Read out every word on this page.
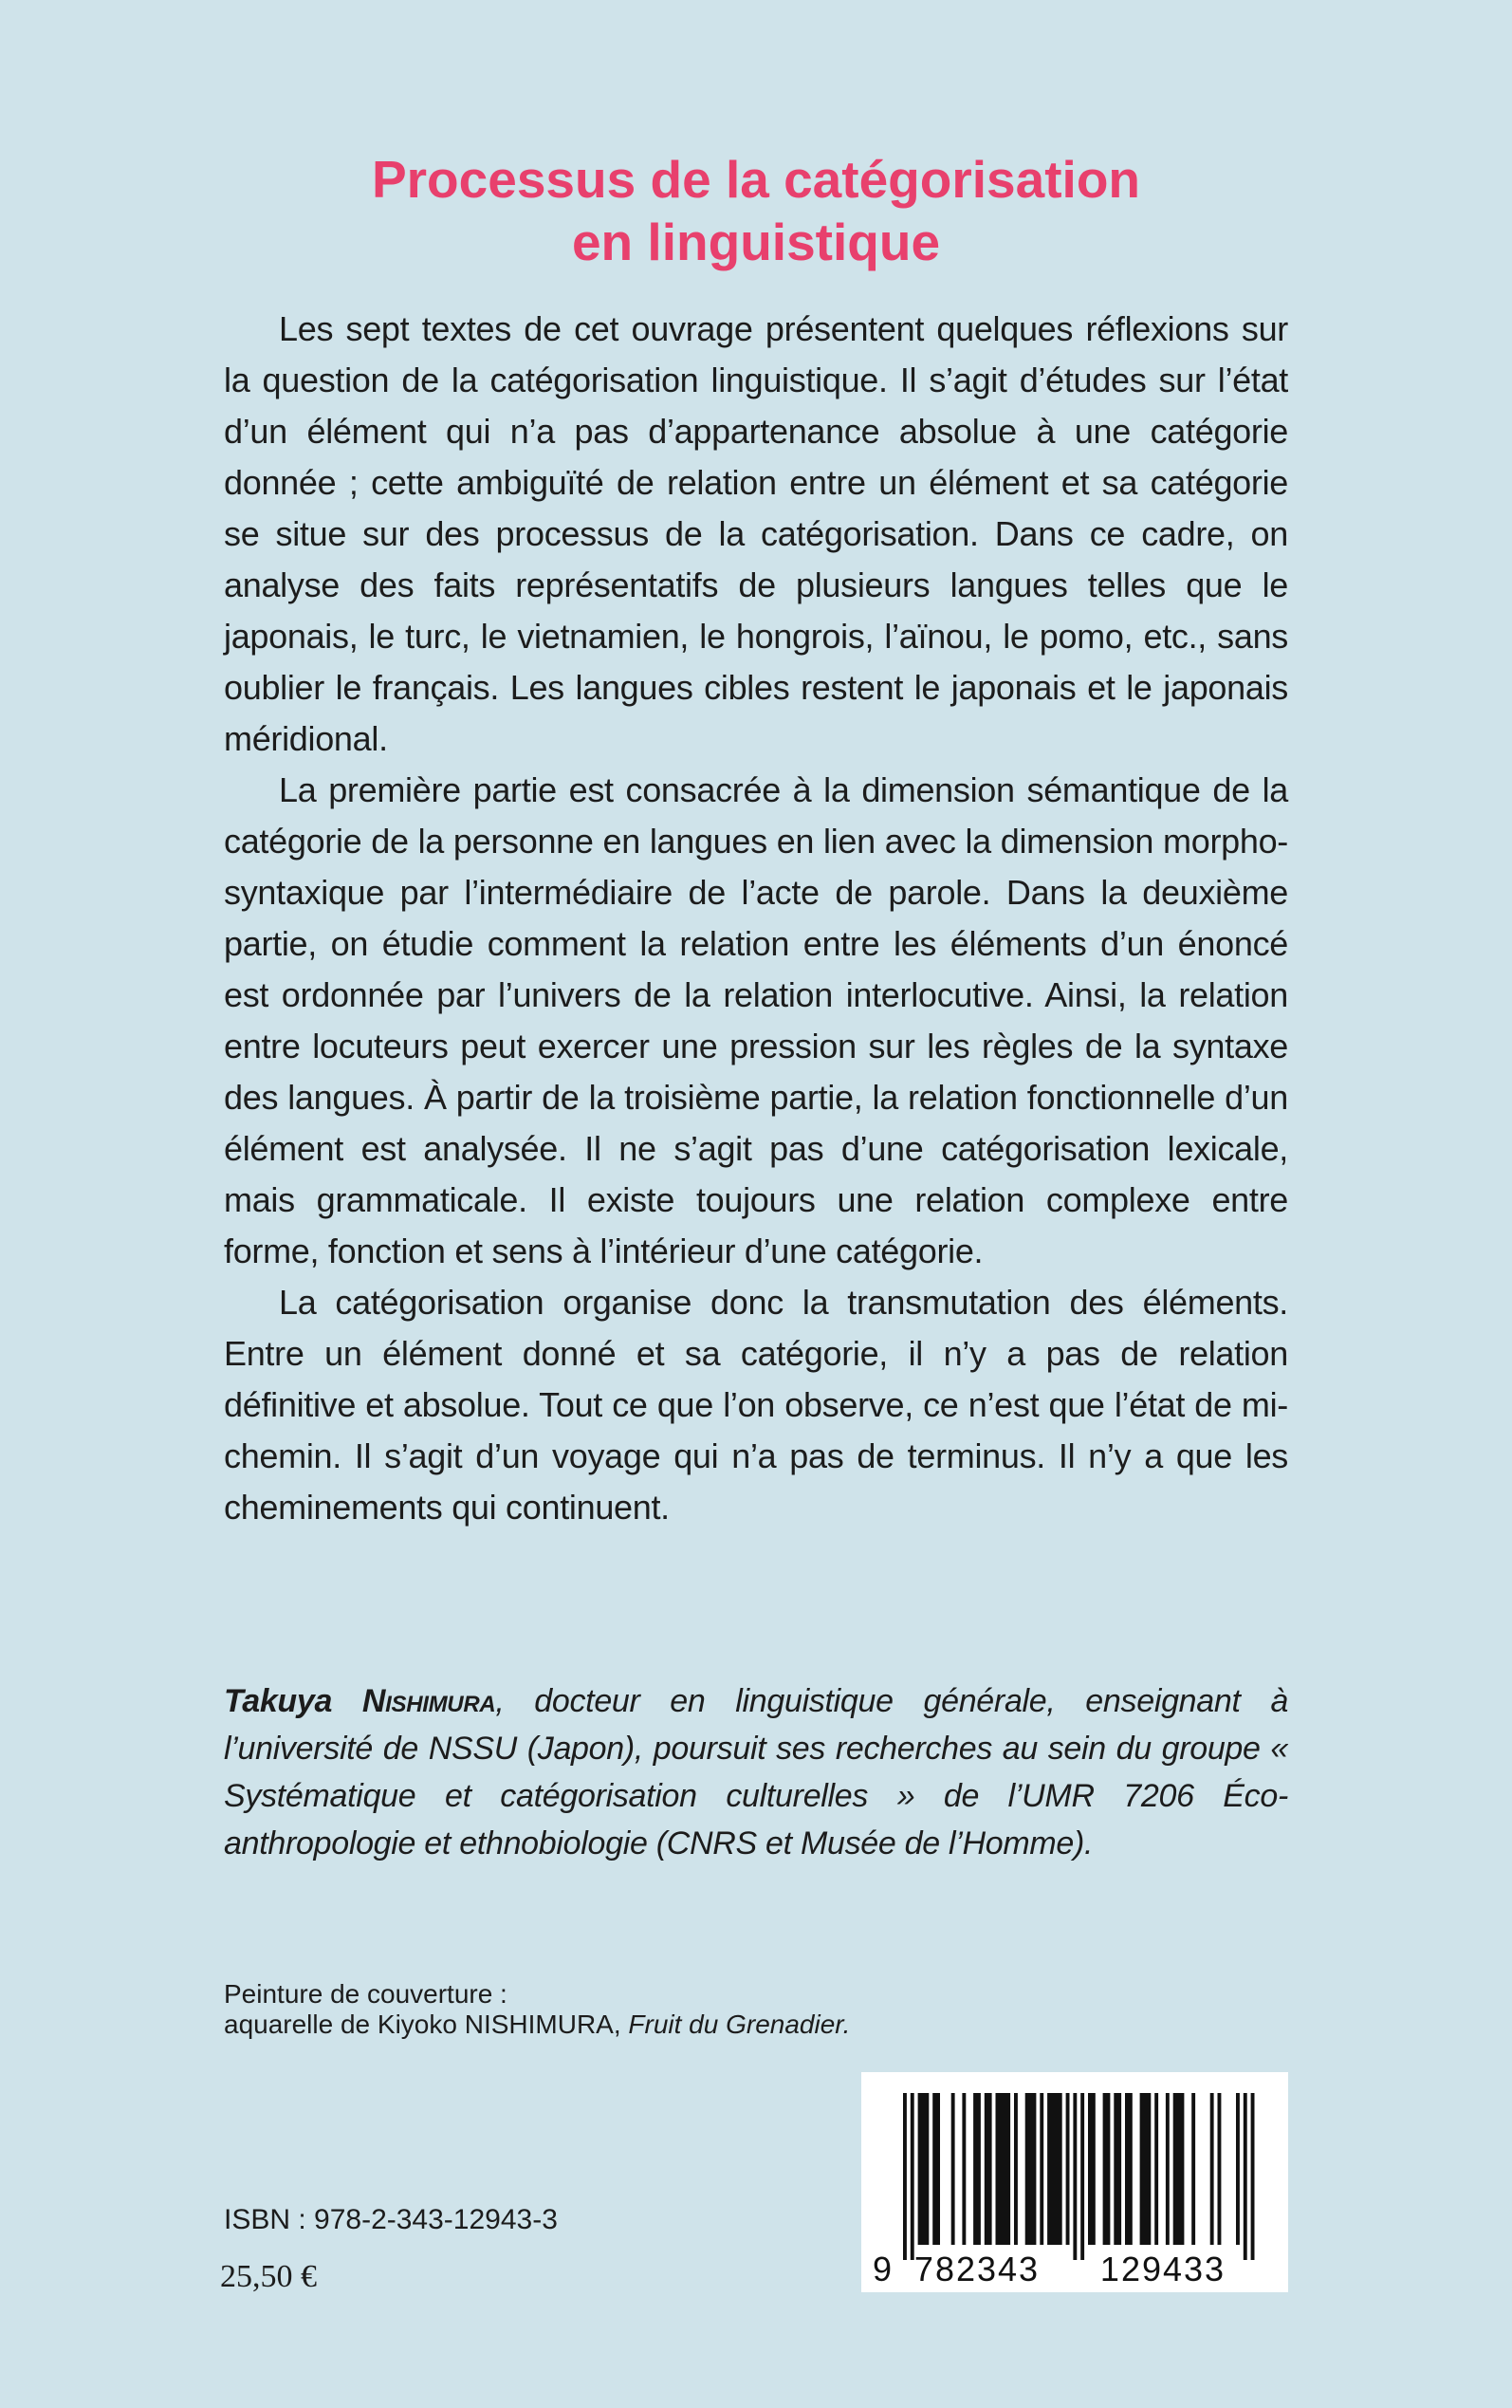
Processus de la catégorisation
en linguistique

Les sept textes de cet ouvrage présentent quelques réflexions sur la question de la catégorisation linguistique. Il s’agit d’études sur l’état d’un élément qui n’a pas d’appartenance absolue à une catégorie donnée ; cette ambiguïté de relation entre un élément et sa catégorie se situe sur des processus de la catégorisation. Dans ce cadre, on analyse des faits représentatifs de plusieurs langues telles que le japonais, le turc, le vietnamien, le hongrois, l’aïnou, le pomo, etc., sans oublier le français. Les langues cibles restent le japonais et le japonais méridional.

La première partie est consacrée à la dimension sémantique de la catégorie de la personne en langues en lien avec la dimension morpho-syntaxique par l’intermédiaire de l’acte de parole. Dans la deuxième partie, on étudie comment la relation entre les éléments d’un énoncé est ordonnée par l’univers de la relation interlocutive. Ainsi, la relation entre locuteurs peut exercer une pression sur les règles de la syntaxe des langues. À partir de la troisième partie, la relation fonctionnelle d’un élément est analysée. Il ne s’agit pas d’une catégorisation lexicale, mais grammaticale. Il existe toujours une relation complexe entre forme, fonction et sens à l’intérieur d’une catégorie.

La catégorisation organise donc la transmutation des éléments. Entre un élément donné et sa catégorie, il n’y a pas de relation définitive et absolue. Tout ce que l’on observe, ce n’est que l’état de mi-chemin. Il s’agit d’un voyage qui n’a pas de terminus. Il n’y a que les cheminements qui continuent.

Takuya Nishimura, docteur en linguistique générale, enseignant à l’université de NSSU (Japon), poursuit ses recherches au sein du groupe « Systématique et catégorisation culturelles » de l’UMR 7206 Éco-anthropologie et ethnobiologie (CNRS et Musée de l’Homme).
Peinture de couverture :
aquarelle de Kiyoko NISHIMURA, Fruit du Grenadier.
ISBN : 978-2-343-12943-3
25,50 €	9 782343 129433
